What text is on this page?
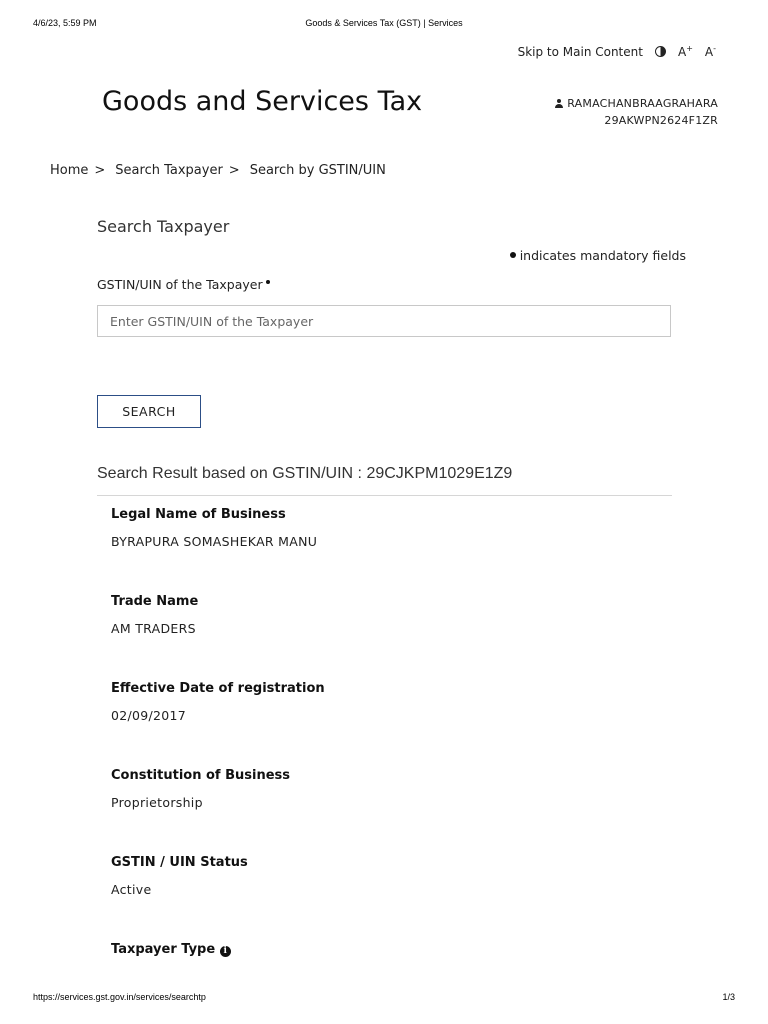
4/6/23, 5:59 PM	Goods & Services Tax (GST) | Services
Skip to Main Content	A+ A-
Goods and Services Tax	RAMACHANBRAAGRAHARA
29AKWPN2624F1ZR
Home > Search Taxpayer > Search by GSTIN/UIN
Search Taxpayer
indicates mandatory fields
GSTIN/UIN of the Taxpayer
Enter GSTIN/UIN of the Taxpayer
SEARCH
Search Result based on GSTIN/UIN : 29CJKPM1029E1Z9
Legal Name of Business
BYRAPURA SOMASHEKAR MANU
Trade Name
AM TRADERS
Effective Date of registration
02/09/2017
Constitution of Business
Proprietorship
GSTIN / UIN Status
Active
Taxpayer Type i
https://services.gst.gov.in/services/searchtp	1/3
